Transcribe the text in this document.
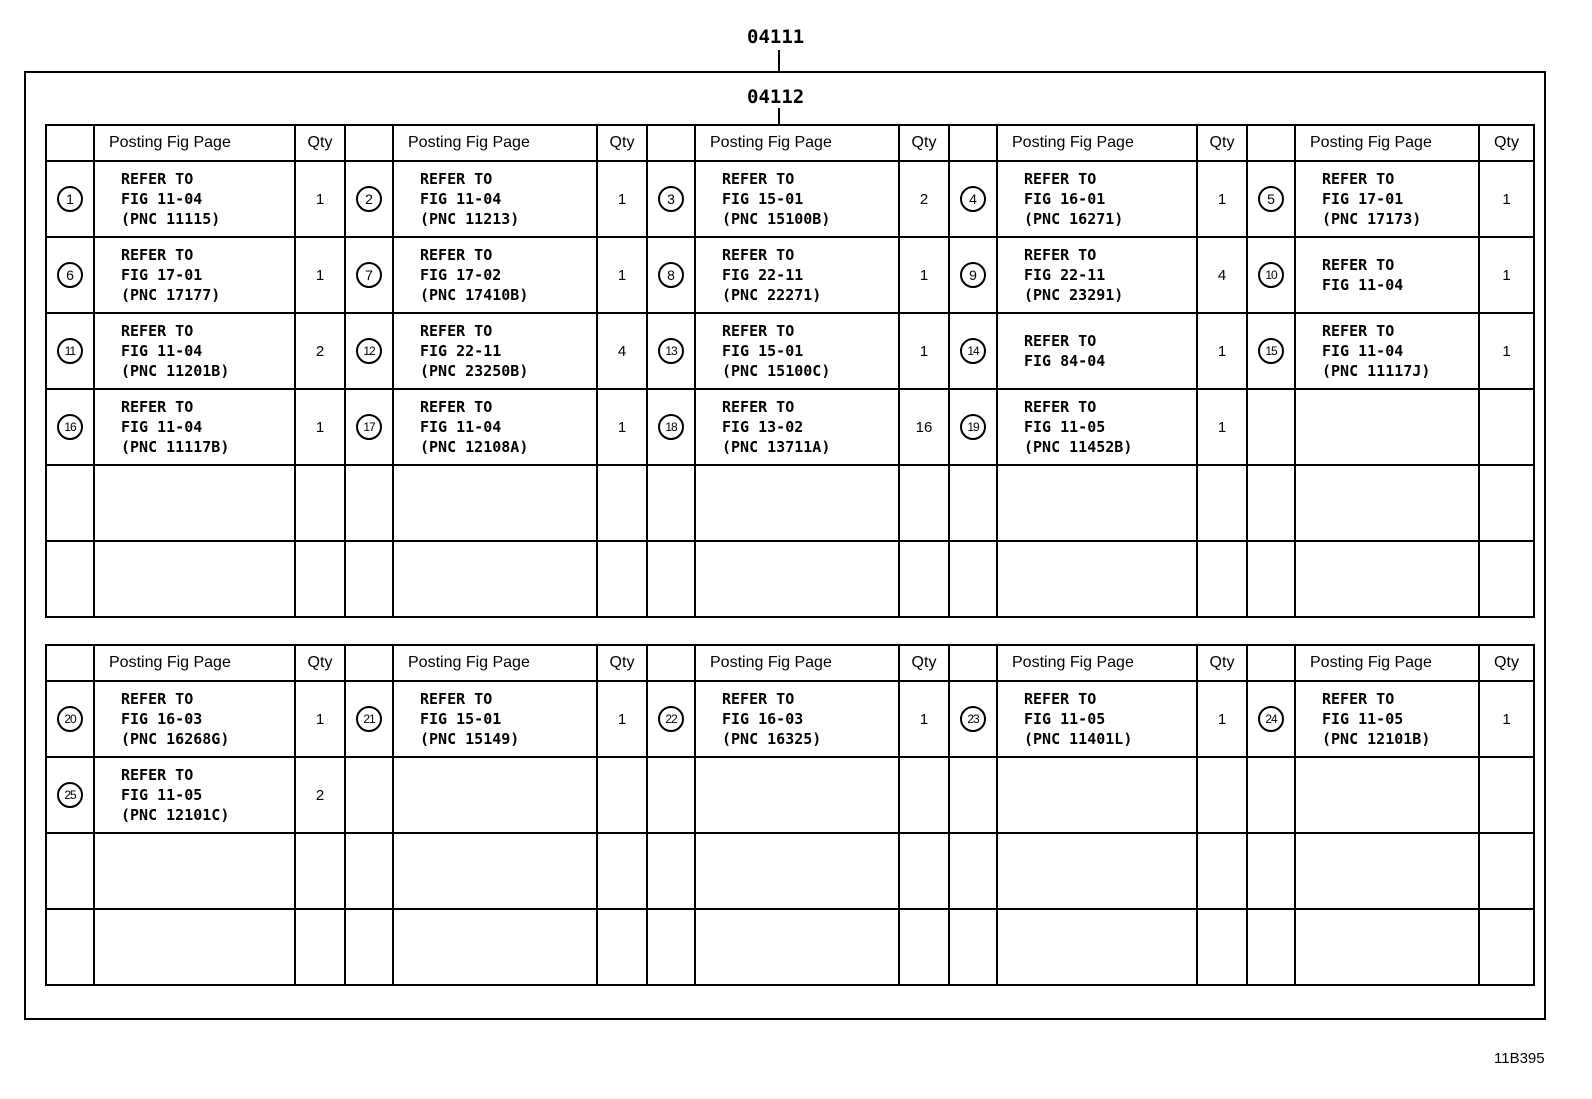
04111
04112
	Posting Fig Page	Qty		Posting Fig Page	Qty		Posting Fig Page	Qty		Posting Fig Page	Qty		Posting Fig Page	Qty
1	REFER TO
FIG 11-04
(PNC 11115)	1	2	REFER TO
FIG 11-04
(PNC 11213)	1	3	REFER TO
FIG 15-01
(PNC 15100B)	2	4	REFER TO
FIG 16-01
(PNC 16271)	1	5	REFER TO
FIG 17-01
(PNC 17173)	1
6	REFER TO
FIG 17-01
(PNC 17177)	1	7	REFER TO
FIG 17-02
(PNC 17410B)	1	8	REFER TO
FIG 22-11
(PNC 22271)	1	9	REFER TO
FIG 22-11
(PNC 23291)	4	10	REFER TO
FIG 11-04	1
11	REFER TO
FIG 11-04
(PNC 11201B)	2	12	REFER TO
FIG 22-11
(PNC 23250B)	4	13	REFER TO
FIG 15-01
(PNC 15100C)	1	14	REFER TO
FIG 84-04	1	15	REFER TO
FIG 11-04
(PNC 11117J)	1
16	REFER TO
FIG 11-04
(PNC 11117B)	1	17	REFER TO
FIG 11-04
(PNC 12108A)	1	18	REFER TO
FIG 13-02
(PNC 13711A)	16	19	REFER TO
FIG 11-05
(PNC 11452B)	1			

	Posting Fig Page	Qty		Posting Fig Page	Qty		Posting Fig Page	Qty		Posting Fig Page	Qty		Posting Fig Page	Qty
20	REFER TO
FIG 16-03
(PNC 16268G)	1	21	REFER TO
FIG 15-01
(PNC 15149)	1	22	REFER TO
FIG 16-03
(PNC 16325)	1	23	REFER TO
FIG 11-05
(PNC 11401L)	1	24	REFER TO
FIG 11-05
(PNC 12101B)	1
25	REFER TO
FIG 11-05
(PNC 12101C)	2												

11B395
